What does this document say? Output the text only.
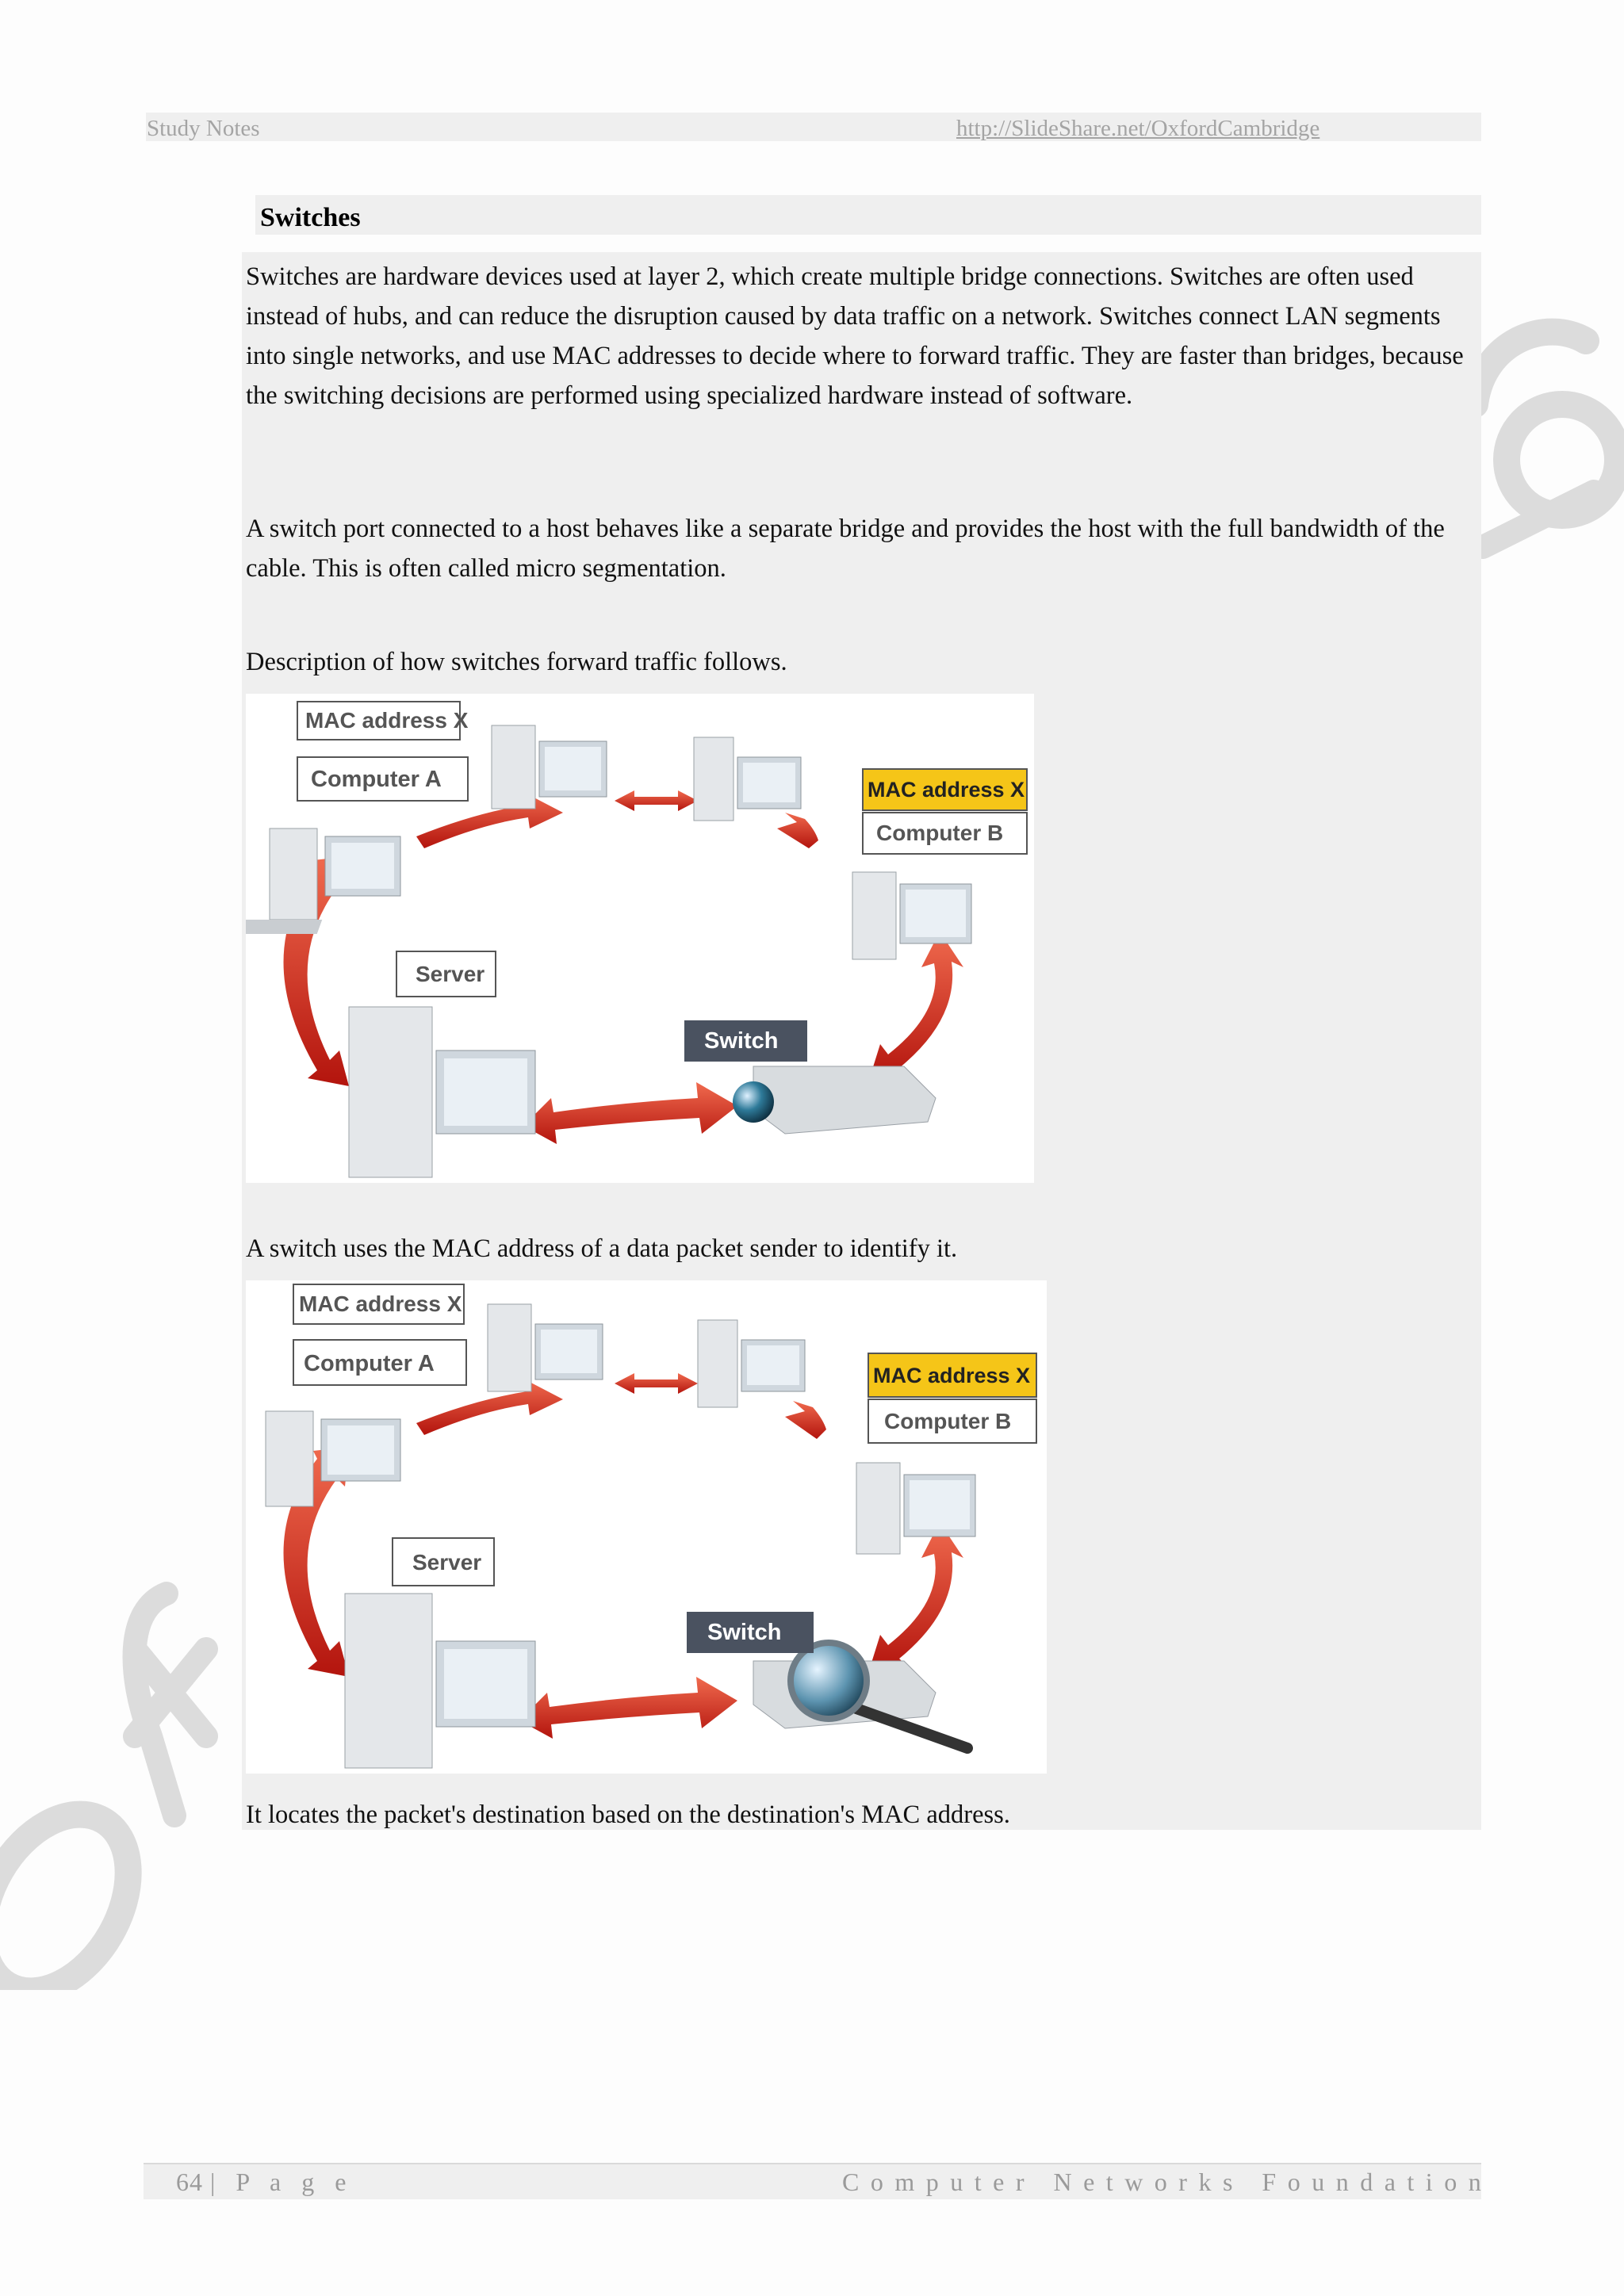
Study Notes	http://SlideShare.net/OxfordCambridge
Switches

Switches are hardware devices used at layer 2, which create multiple bridge connections. Switches are often used instead of hubs, and can reduce the disruption caused by data traffic on a network. Switches connect LAN segments into single networks, and use MAC addresses to decide where to forward traffic. They are faster than bridges, because the switching decisions are performed using specialized hardware instead of software.

A switch port connected to a host behaves like a separate bridge and provides the host with the full bandwidth of the cable. This is often called micro segmentation.

Description of how switches forward traffic follows.

MAC address X
Computer A	MAC address X
Computer B
Server
Switch

A switch uses the MAC address of a data packet sender to identify it.

MAC address X
Computer A	MAC address X
Computer B
Server
Switch

It locates the packet's destination based on the destination's MAC address.

64 | P a g e	Computer Networks Foundation
